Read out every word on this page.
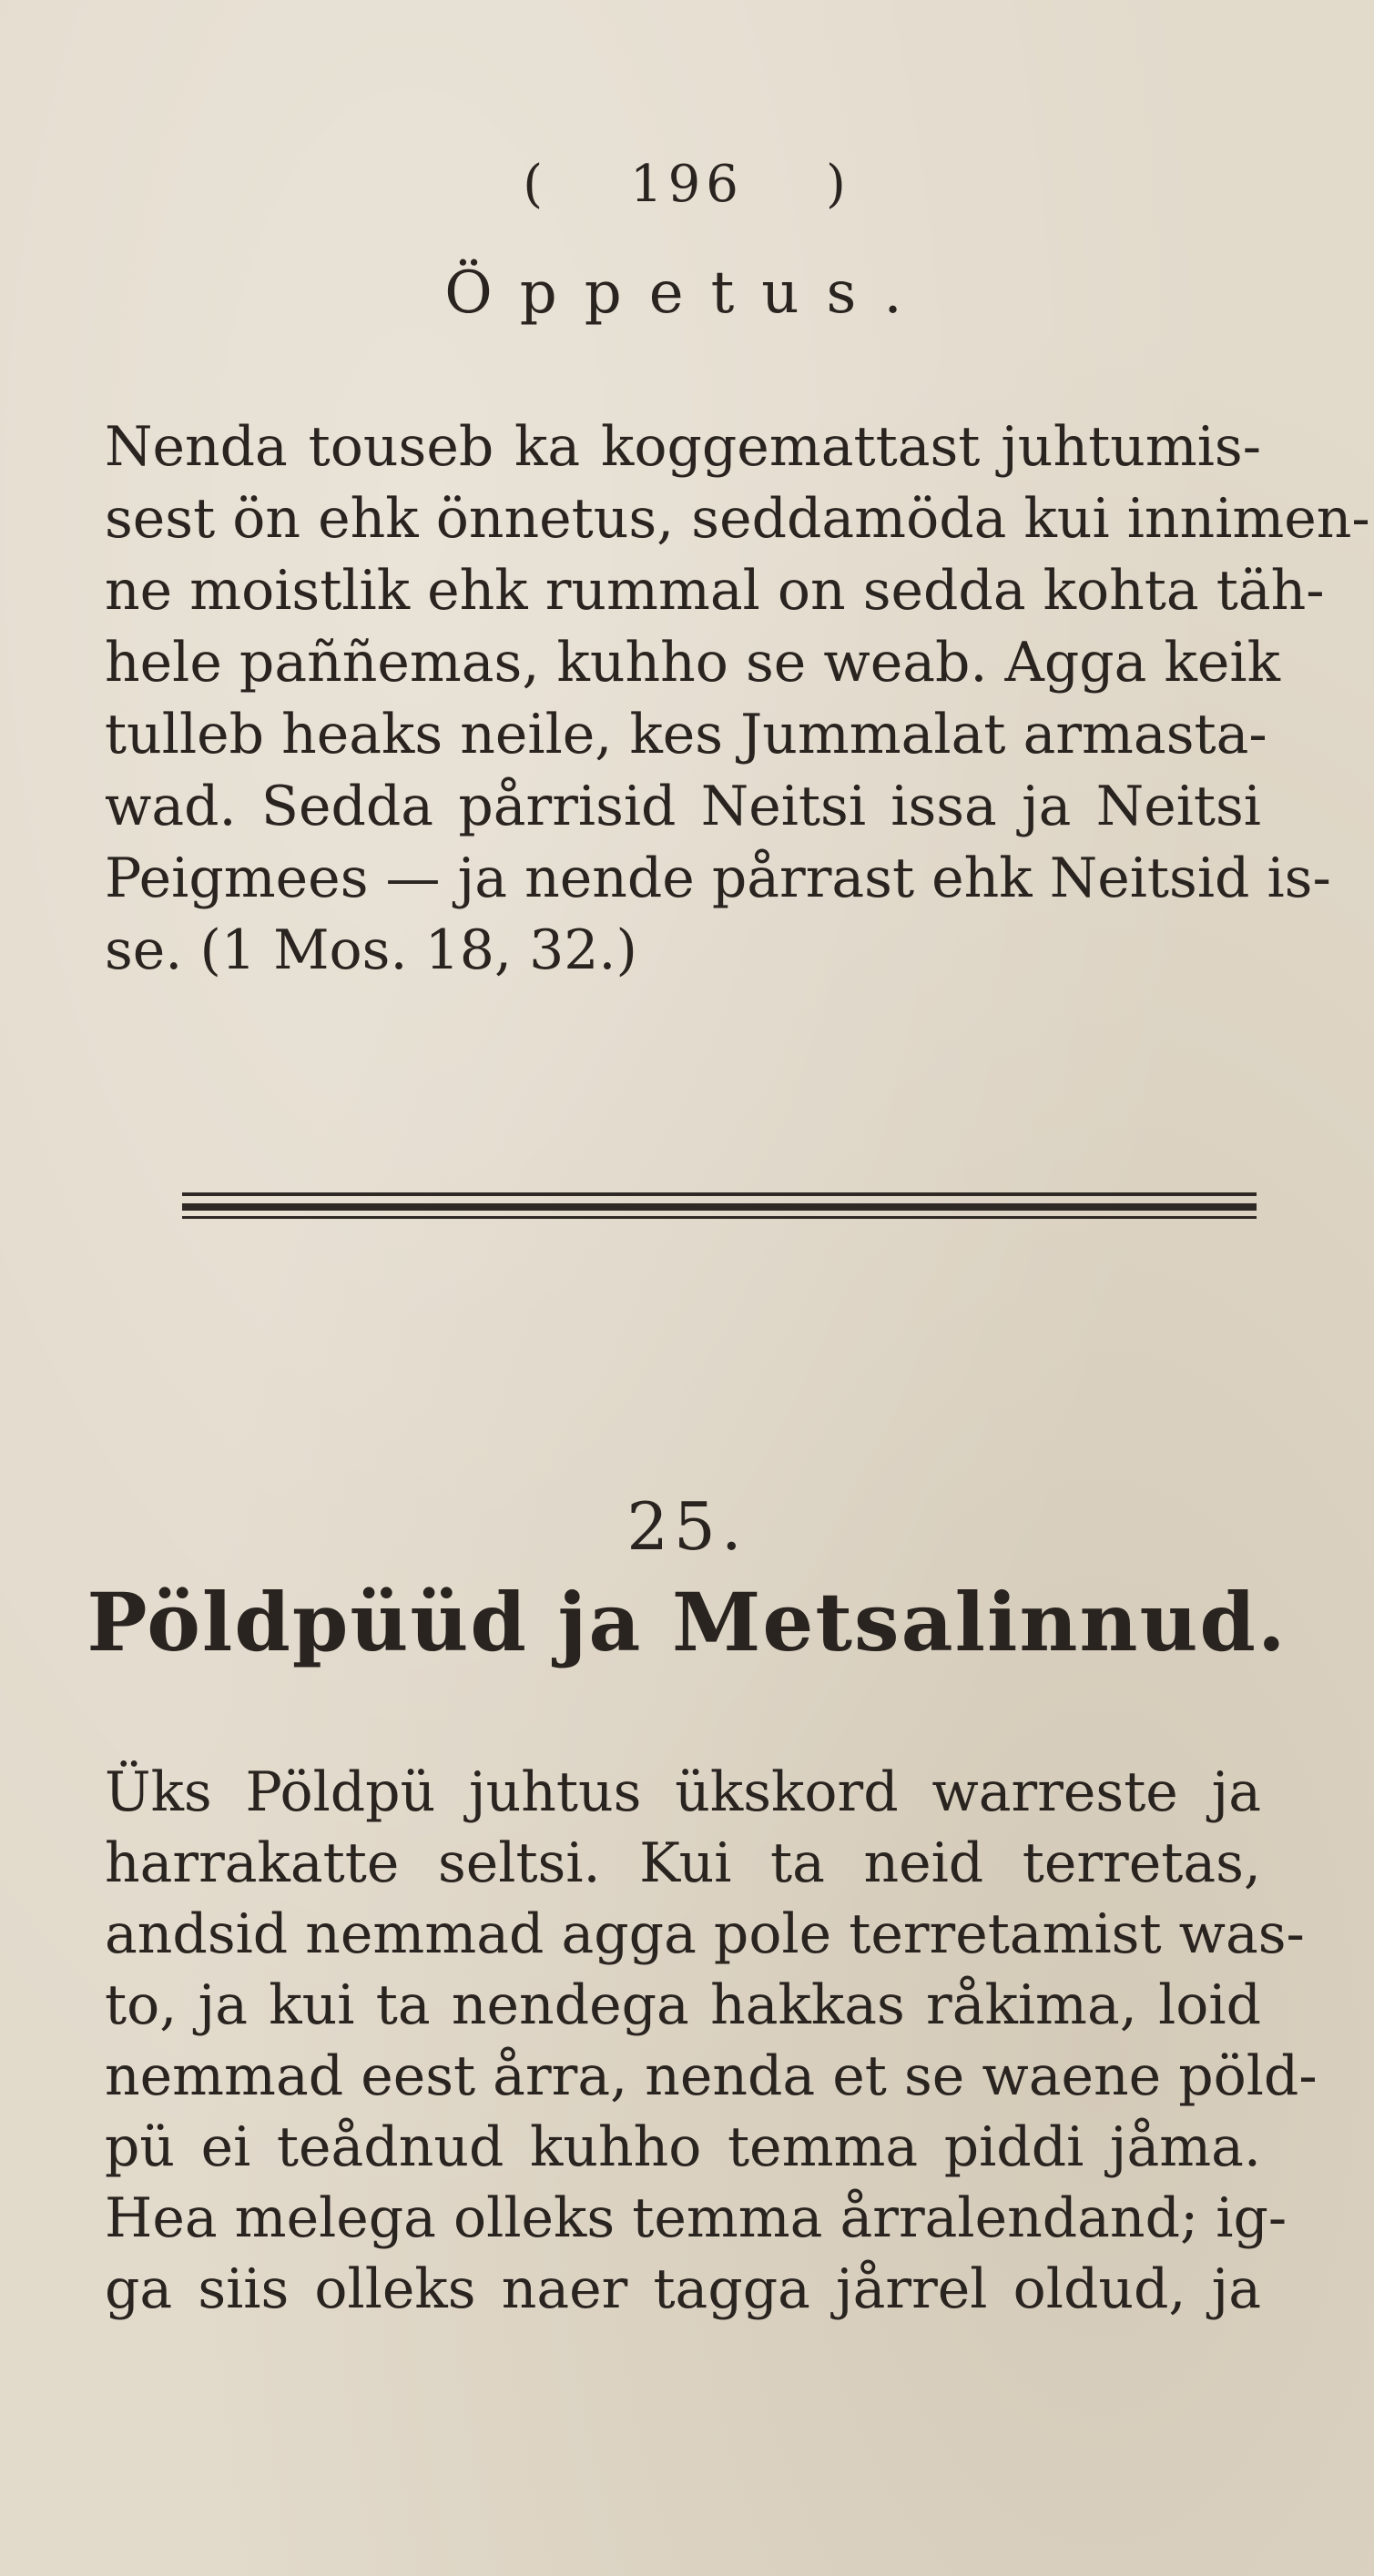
( 196 )
Öppetus.
Nenda touseb ka koggemattast juhtumis-
sest ön ehk önnetus, seddamöda kui innimen-
ne moistlik ehk rummal on sedda kohta täh-
hele paññemas, kuhho se weab. Agga keik
tulleb heaks neile, kes Jummalat armasta-
wad. Sedda pårrisid Neitsi issa ja Neitsi
Peigmees — ja nende pårrast ehk Neitsid is-
se. (1 Mos. 18, 32.)
25.
Pöldpüüd ja Metsalinnud.
Üks Pöldpü juhtus ükskord warreste ja
harrakatte seltsi. Kui ta neid terretas,
andsid nemmad agga pole terretamist was-
to, ja kui ta nendega hakkas råkima, loid
nemmad eest årra, nenda et se waene pöld-
pü ei teådnud kuhho temma piddi jåma.
Hea melega olleks temma årralendand; ig-
ga siis olleks naer tagga jårrel oldud, ja
